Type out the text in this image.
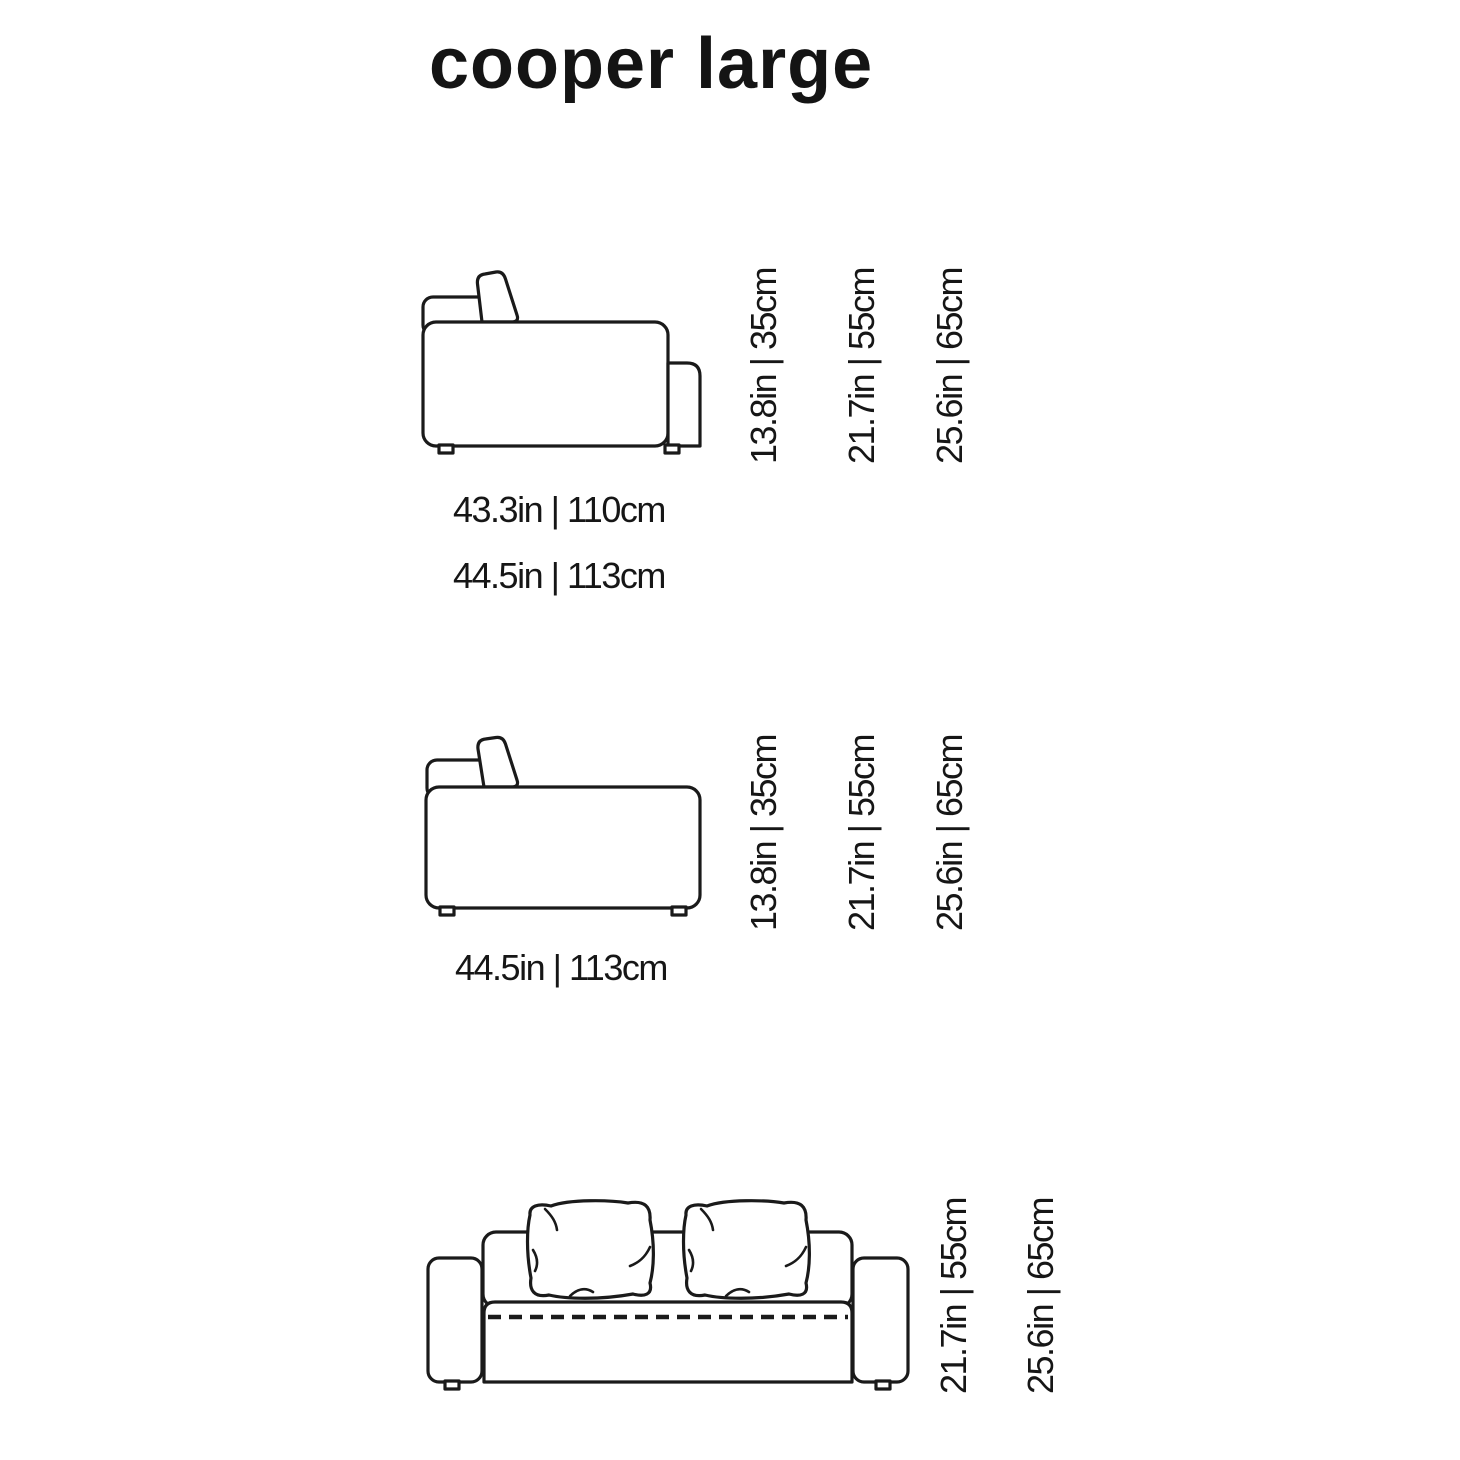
cooper large
13.8in | 35cm	21.7in | 55cm	25.6in | 65cm
43.3in | 110cm
44.5in | 113cm
13.8in | 35cm	21.7in | 55cm	25.6in | 65cm
44.5in | 113cm
21.7in | 55cm	25.6in | 65cm
